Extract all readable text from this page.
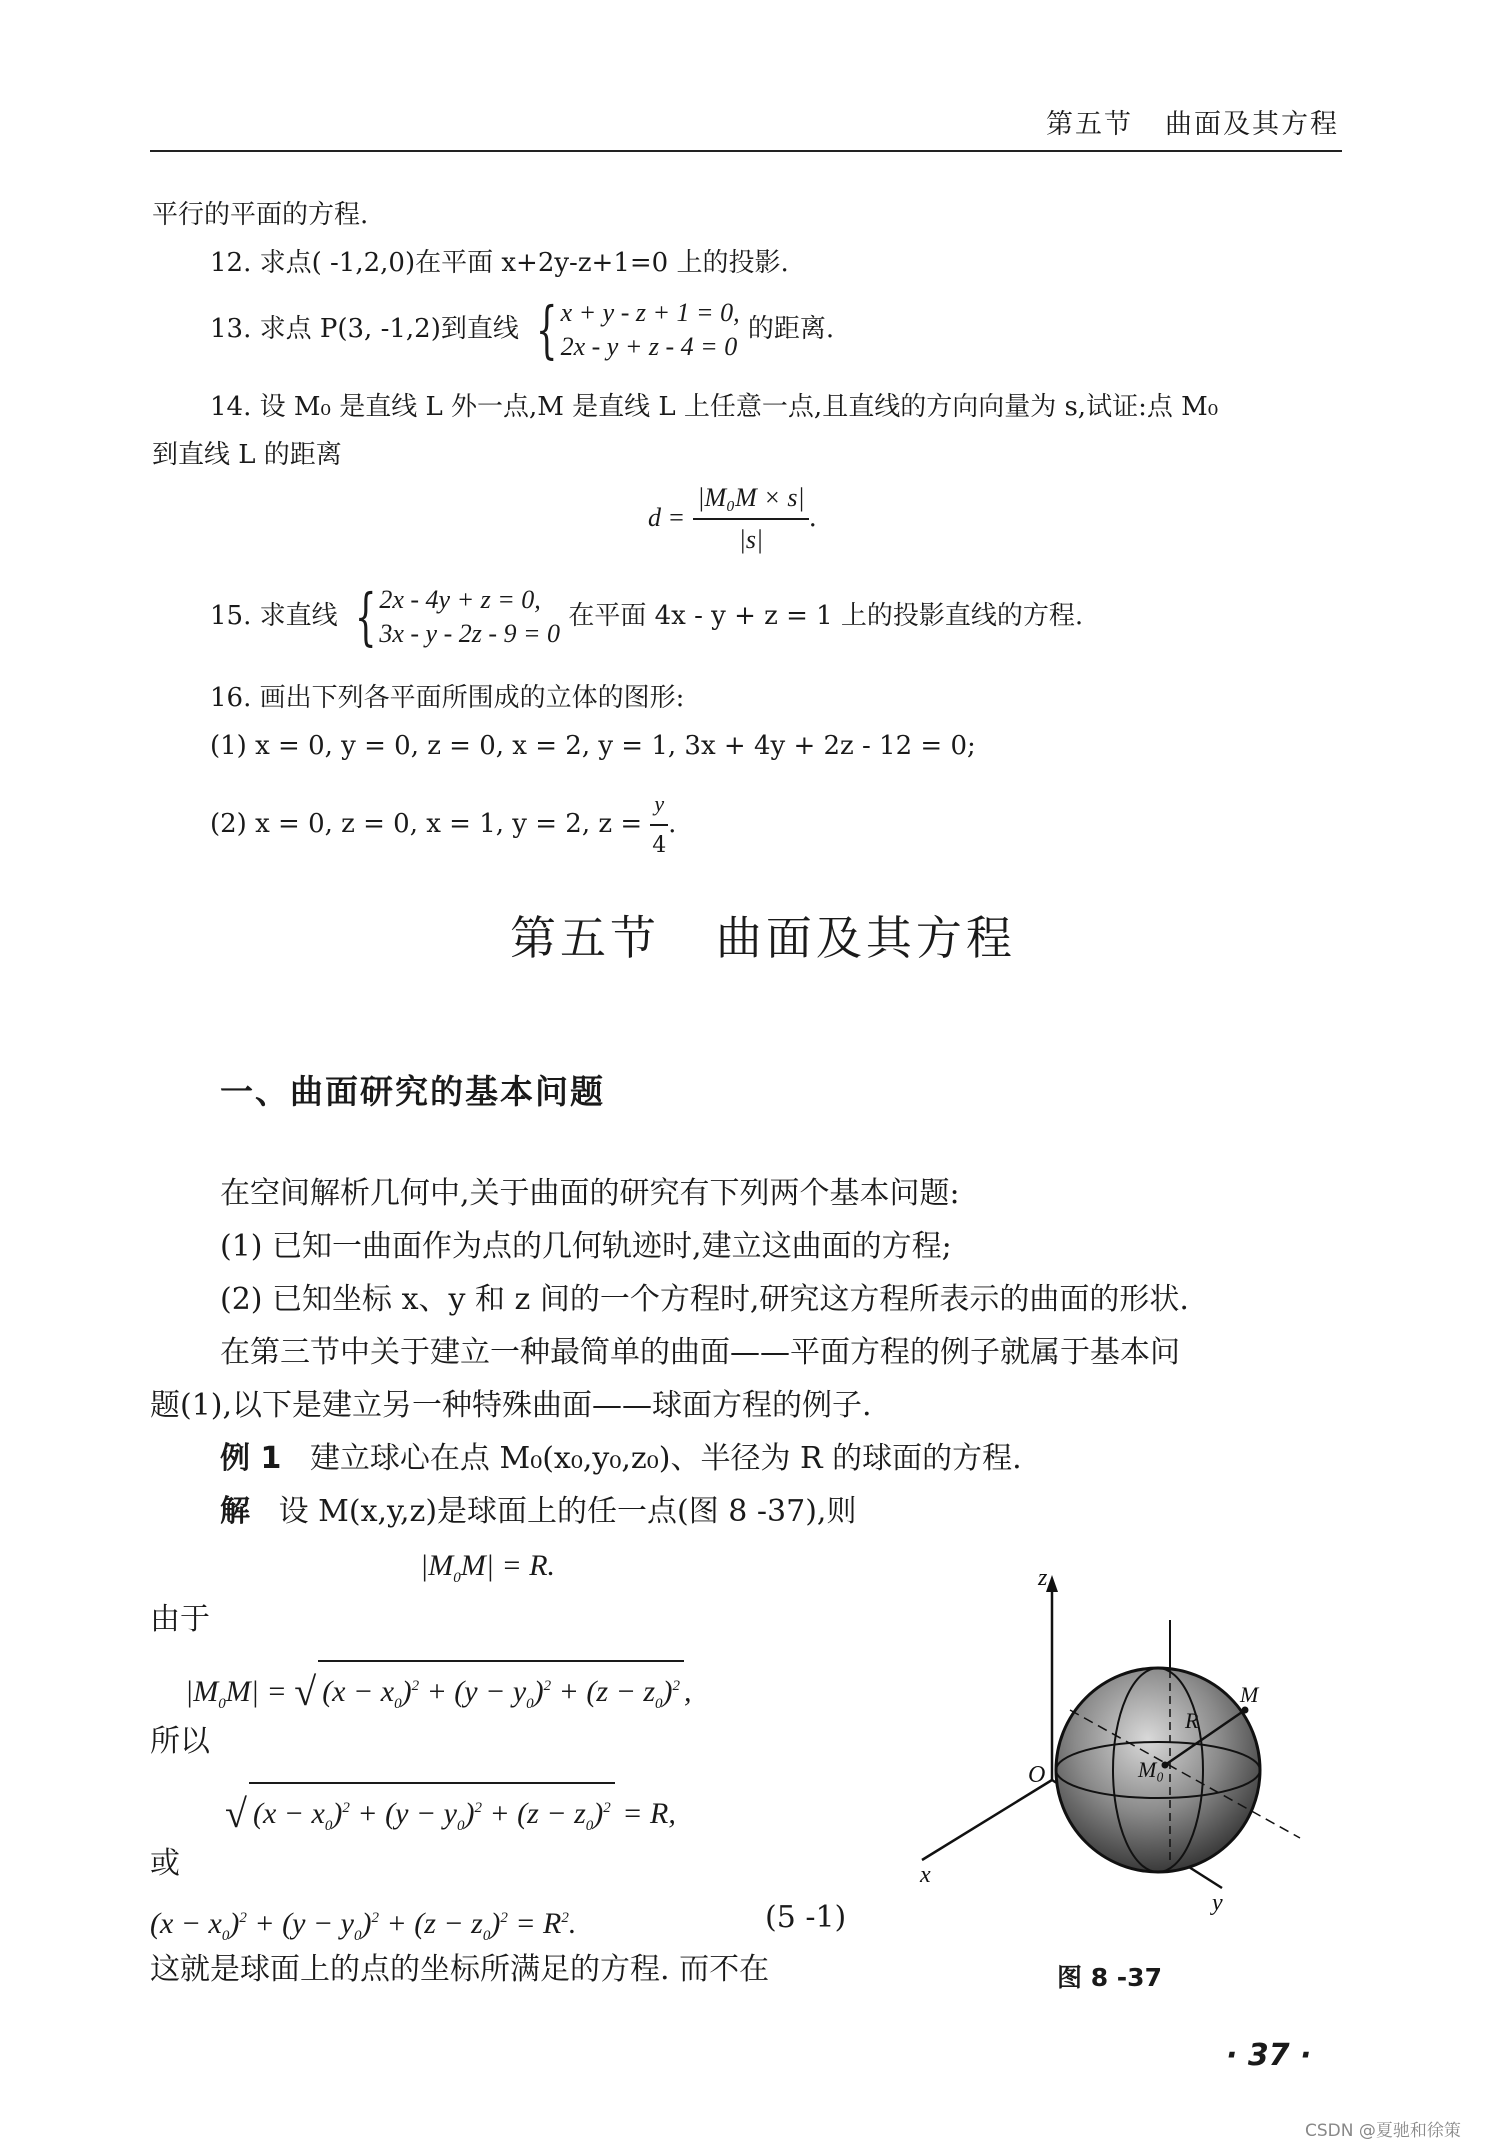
第五节 曲面及其方程
平行的平面的方程.
12. 求点( -1,2,0)在平面 x+2y-z+1=0 上的投影.
13. 求点 P(3, -1,2)到直线 { x + y - z + 1 = 0,
2x - y + z - 4 = 0
的距离.
14. 设 M₀ 是直线 L 外一点,M 是直线 L 上任意一点,且直线的方向向量为 s,试证:点 M₀
到直线 L 的距离
$d = \frac{\text{|M₀M × s|}}{|s|}$ .
15. 求直线 { 2x - 4y + z = 0,
3x - y - 2z - 9 = 0
在平面 4x - y + z = 1 上的投影直线的方程.
16. 画出下列各平面所围成的立体的图形:
(1) x = 0, y = 0, z = 0, x = 2, y = 1, 3x + 4y + 2z - 12 = 0;
(2) x = 0, z = 0, x = 1, y = 2, $z = \frac{y}{4}$ .
第五节   曲面及其方程
一、曲面研究的基本问题
在空间解析几何中,关于曲面的研究有下列两个基本问题:
(1) 已知一曲面作为点的几何轨迹时,建立这曲面的方程;
(2) 已知坐标 x、y 和 z 间的一个方程时,研究这方程所表示的曲面的形状.
在第三节中关于建立一种最简单的曲面——平面方程的例子就属于基本问
题(1),以下是建立另一种特殊曲面——球面方程的例子.
例 1 建立球心在点 M₀(x₀,y₀,z₀)、半径为 R 的球面的方程.
解 设 M(x,y,z)是球面上的任一点(图 8 -37),则
$|M_0M| = R$.
由于
$|M_0M|$ = √ $(x - x_0)^2 + (y - y_0)^2 + (z - z_0)^2$ ,
所以
√ $(x - x_0)^2 + (y - y_0)^2 + (z - z_0)^2 = R$,
或
$(x - x_0)^2 + (y - y_0)^2 + (z - z_0)^2 = R^2$.	(5 -1)
这就是球面上的点的坐标所满足的方程. 而不在
z
x
y
O
R
M₀
M
图 8 -37
· 37 ·
CSDN @夏驰和徐策
